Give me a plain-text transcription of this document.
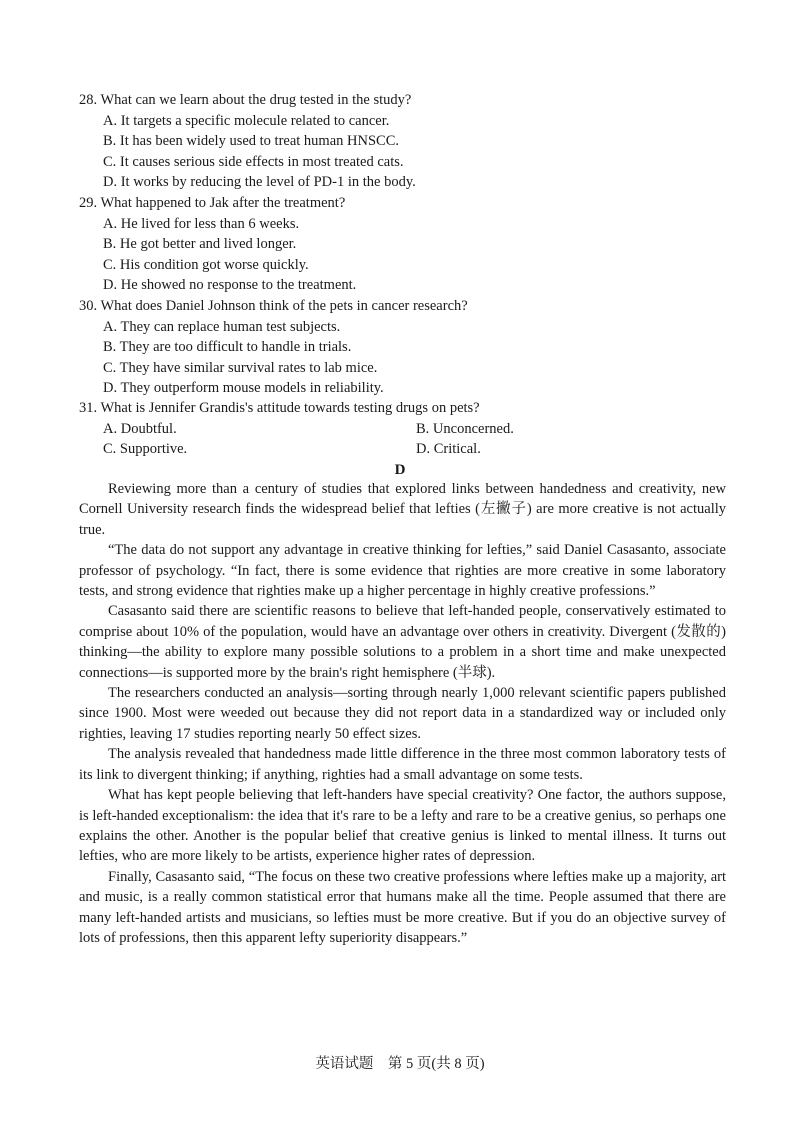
28. What can we learn about the drug tested in the study?
A. It targets a specific molecule related to cancer.
B. It has been widely used to treat human HNSCC.
C. It causes serious side effects in most treated cats.
D. It works by reducing the level of PD-1 in the body.
29. What happened to Jak after the treatment?
A. He lived for less than 6 weeks.
B. He got better and lived longer.
C. His condition got worse quickly.
D. He showed no response to the treatment.
30. What does Daniel Johnson think of the pets in cancer research?
A. They can replace human test subjects.
B. They are too difficult to handle in trials.
C. They have similar survival rates to lab mice.
D. They outperform mouse models in reliability.
31. What is Jennifer Grandis's attitude towards testing drugs on pets?
A. Doubtful.	B. Unconcerned.
C. Supportive.	D. Critical.
D

Reviewing more than a century of studies that explored links between handedness and creativity, new Cornell University research finds the widespread belief that lefties (左撇子) are more creative is not actually true.

“The data do not support any advantage in creative thinking for lefties,” said Daniel Casasanto, associate professor of psychology. “In fact, there is some evidence that righties are more creative in some laboratory tests, and strong evidence that righties make up a higher percentage in highly creative professions.”

Casasanto said there are scientific reasons to believe that left-handed people, conservatively estimated to comprise about 10% of the population, would have an advantage over others in creativity. Divergent (发散的) thinking—the ability to explore many possible solutions to a problem in a short time and make unexpected connections—is supported more by the brain's right hemisphere (半球).

The researchers conducted an analysis—sorting through nearly 1,000 relevant scientific papers published since 1900. Most were weeded out because they did not report data in a standardized way or included only righties, leaving 17 studies reporting nearly 50 effect sizes.

The analysis revealed that handedness made little difference in the three most common laboratory tests of its link to divergent thinking; if anything, righties had a small advantage on some tests.

What has kept people believing that left-handers have special creativity? One factor, the authors suppose, is left-handed exceptionalism: the idea that it's rare to be a lefty and rare to be a creative genius, so perhaps one explains the other. Another is the popular belief that creative genius is linked to mental illness. It turns out lefties, who are more likely to be artists, experience higher rates of depression.

Finally, Casasanto said, “The focus on these two creative professions where lefties make up a majority, art and music, is a really common statistical error that humans make all the time. People assumed that there are many left-handed artists and musicians, so lefties must be more creative. But if you do an objective survey of lots of professions, then this apparent lefty superiority disappears.”

英语试题　第 5 页(共 8 页)
